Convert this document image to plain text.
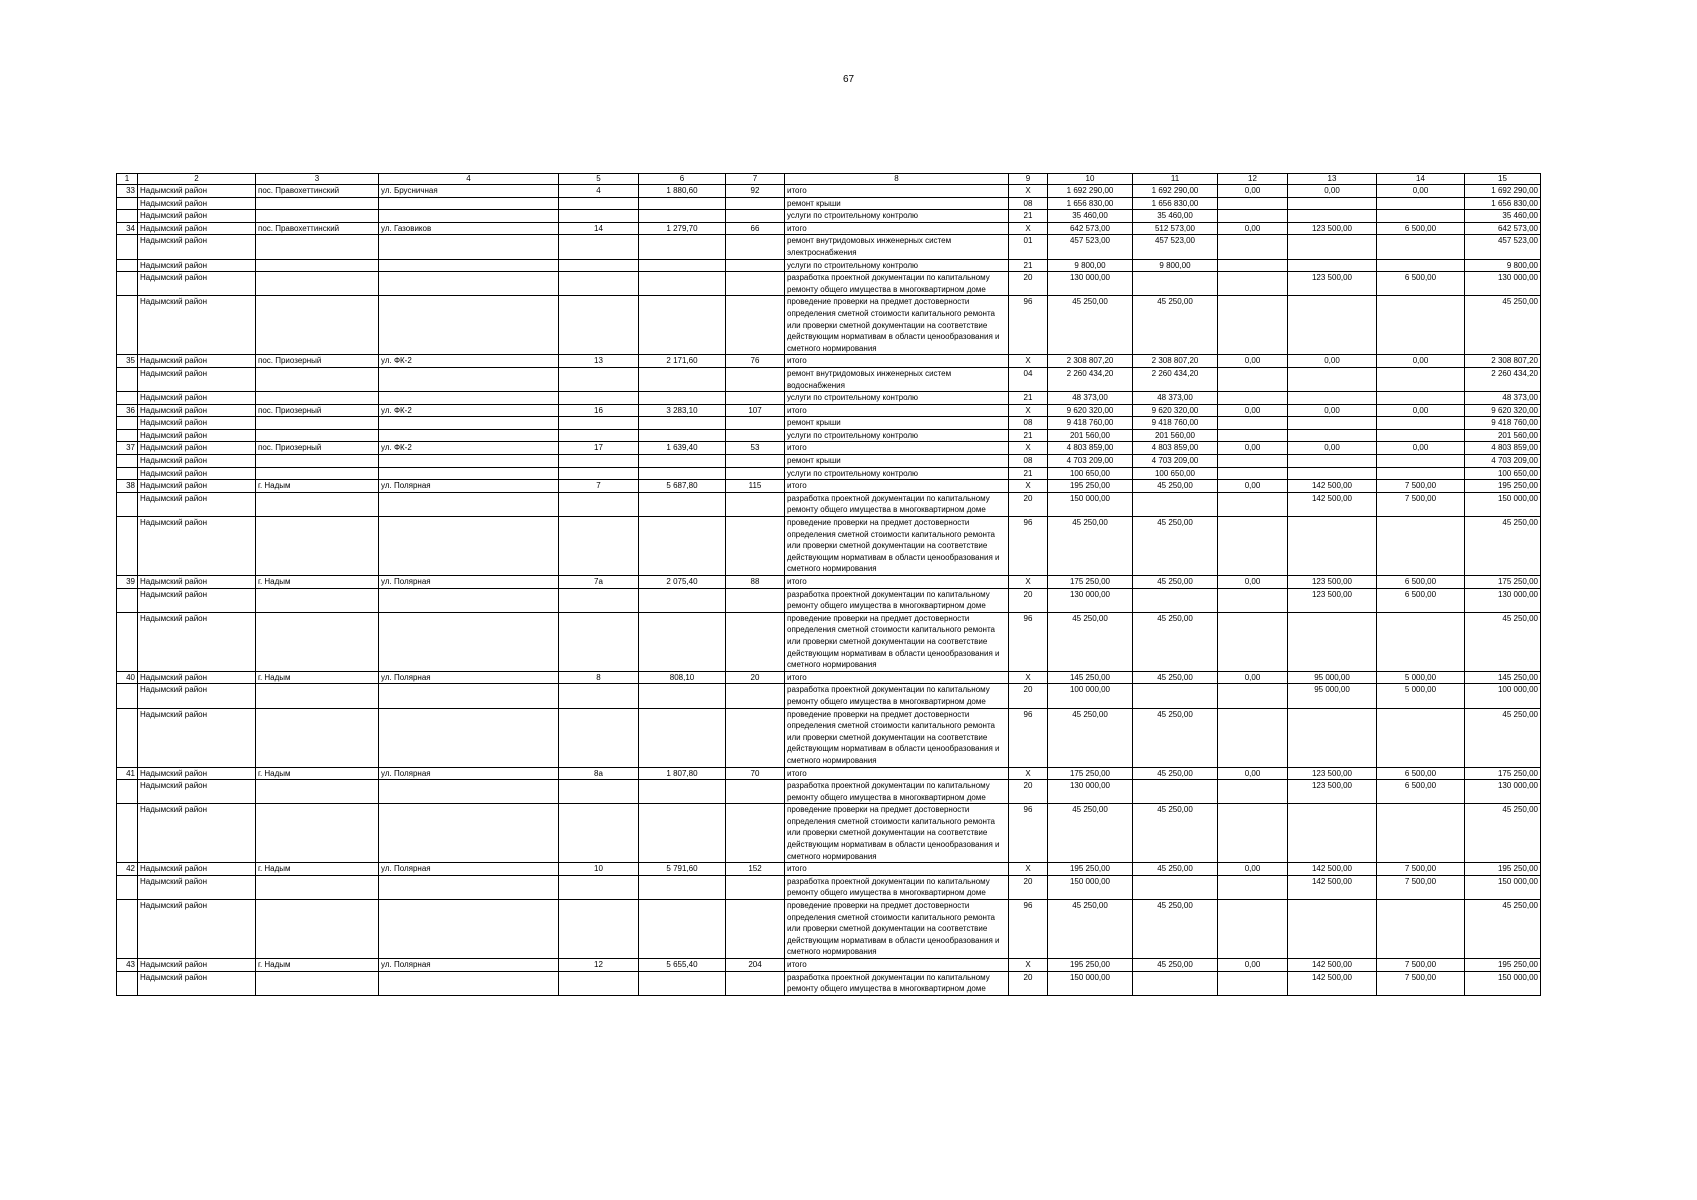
67
1	2	3	4	5	6	7	8	9	10	11	12	13	14	15
33	Надымский район	пос. Правохеттинский	ул. Брусничная	4	1 880,60	92	итого	X	1 692 290,00	1 692 290,00	0,00	0,00	0,00	1 692 290,00
	Надымский район						ремонт крыши	08	1 656 830,00	1 656 830,00				1 656 830,00
	Надымский район						услуги по строительному контролю	21	35 460,00	35 460,00				35 460,00
34	Надымский район	пос. Правохеттинский	ул. Газовиков	14	1 279,70	66	итого	X	642 573,00	512 573,00	0,00	123 500,00	6 500,00	642 573,00
	Надымский район						ремонт внутридомовых инженерных систем электроснабжения	01	457 523,00	457 523,00				457 523,00
	Надымский район						услуги по строительному контролю	21	9 800,00	9 800,00				9 800,00
	Надымский район						разработка проектной документации по капитальному ремонту общего имущества в многоквартирном доме	20	130 000,00			123 500,00	6 500,00	130 000,00
	Надымский район						проведение проверки на предмет достоверности определения сметной стоимости капитального ремонта или проверки сметной документации на соответствие действующим нормативам в области ценообразования и сметного нормирования	96	45 250,00	45 250,00				45 250,00
35	Надымский район	пос. Приозерный	ул. ФК-2	13	2 171,60	76	итого	X	2 308 807,20	2 308 807,20	0,00	0,00	0,00	2 308 807,20
	Надымский район						ремонт внутридомовых инженерных систем водоснабжения	04	2 260 434,20	2 260 434,20				2 260 434,20
	Надымский район						услуги по строительному контролю	21	48 373,00	48 373,00				48 373,00
36	Надымский район	пос. Приозерный	ул. ФК-2	16	3 283,10	107	итого	X	9 620 320,00	9 620 320,00	0,00	0,00	0,00	9 620 320,00
	Надымский район						ремонт крыши	08	9 418 760,00	9 418 760,00				9 418 760,00
	Надымский район						услуги по строительному контролю	21	201 560,00	201 560,00				201 560,00
37	Надымский район	пос. Приозерный	ул. ФК-2	17	1 639,40	53	итого	X	4 803 859,00	4 803 859,00	0,00	0,00	0,00	4 803 859,00
	Надымский район						ремонт крыши	08	4 703 209,00	4 703 209,00				4 703 209,00
	Надымский район						услуги по строительному контролю	21	100 650,00	100 650,00				100 650,00
38	Надымский район	г. Надым	ул. Полярная	7	5 687,80	115	итого	X	195 250,00	45 250,00	0,00	142 500,00	7 500,00	195 250,00
	Надымский район						разработка проектной документации по капитальному ремонту общего имущества в многоквартирном доме	20	150 000,00			142 500,00	7 500,00	150 000,00
	Надымский район						проведение проверки на предмет достоверности определения сметной стоимости капитального ремонта или проверки сметной документации на соответствие действующим нормативам в области ценообразования и сметного нормирования	96	45 250,00	45 250,00				45 250,00
39	Надымский район	г. Надым	ул. Полярная	7а	2 075,40	88	итого	X	175 250,00	45 250,00	0,00	123 500,00	6 500,00	175 250,00
	Надымский район						разработка проектной документации по капитальному ремонту общего имущества в многоквартирном доме	20	130 000,00			123 500,00	6 500,00	130 000,00
	Надымский район						проведение проверки на предмет достоверности определения сметной стоимости капитального ремонта или проверки сметной документации на соответствие действующим нормативам в области ценообразования и сметного нормирования	96	45 250,00	45 250,00				45 250,00
40	Надымский район	г. Надым	ул. Полярная	8	808,10	20	итого	X	145 250,00	45 250,00	0,00	95 000,00	5 000,00	145 250,00
	Надымский район						разработка проектной документации по капитальному ремонту общего имущества в многоквартирном доме	20	100 000,00			95 000,00	5 000,00	100 000,00
	Надымский район						проведение проверки на предмет достоверности определения сметной стоимости капитального ремонта или проверки сметной документации на соответствие действующим нормативам в области ценообразования и сметного нормирования	96	45 250,00	45 250,00				45 250,00
41	Надымский район	г. Надым	ул. Полярная	8а	1 807,80	70	итого	X	175 250,00	45 250,00	0,00	123 500,00	6 500,00	175 250,00
	Надымский район						разработка проектной документации по капитальному ремонту общего имущества в многоквартирном доме	20	130 000,00			123 500,00	6 500,00	130 000,00
	Надымский район						проведение проверки на предмет достоверности определения сметной стоимости капитального ремонта или проверки сметной документации на соответствие действующим нормативам в области ценообразования и сметного нормирования	96	45 250,00	45 250,00				45 250,00
42	Надымский район	г. Надым	ул. Полярная	10	5 791,60	152	итого	X	195 250,00	45 250,00	0,00	142 500,00	7 500,00	195 250,00
	Надымский район						разработка проектной документации по капитальному ремонту общего имущества в многоквартирном доме	20	150 000,00			142 500,00	7 500,00	150 000,00
	Надымский район						проведение проверки на предмет достоверности определения сметной стоимости капитального ремонта или проверки сметной документации на соответствие действующим нормативам в области ценообразования и сметного нормирования	96	45 250,00	45 250,00				45 250,00
43	Надымский район	г. Надым	ул. Полярная	12	5 655,40	204	итого	X	195 250,00	45 250,00	0,00	142 500,00	7 500,00	195 250,00
	Надымский район						разработка проектной документации по капитальному ремонту общего имущества в многоквартирном доме	20	150 000,00			142 500,00	7 500,00	150 000,00
